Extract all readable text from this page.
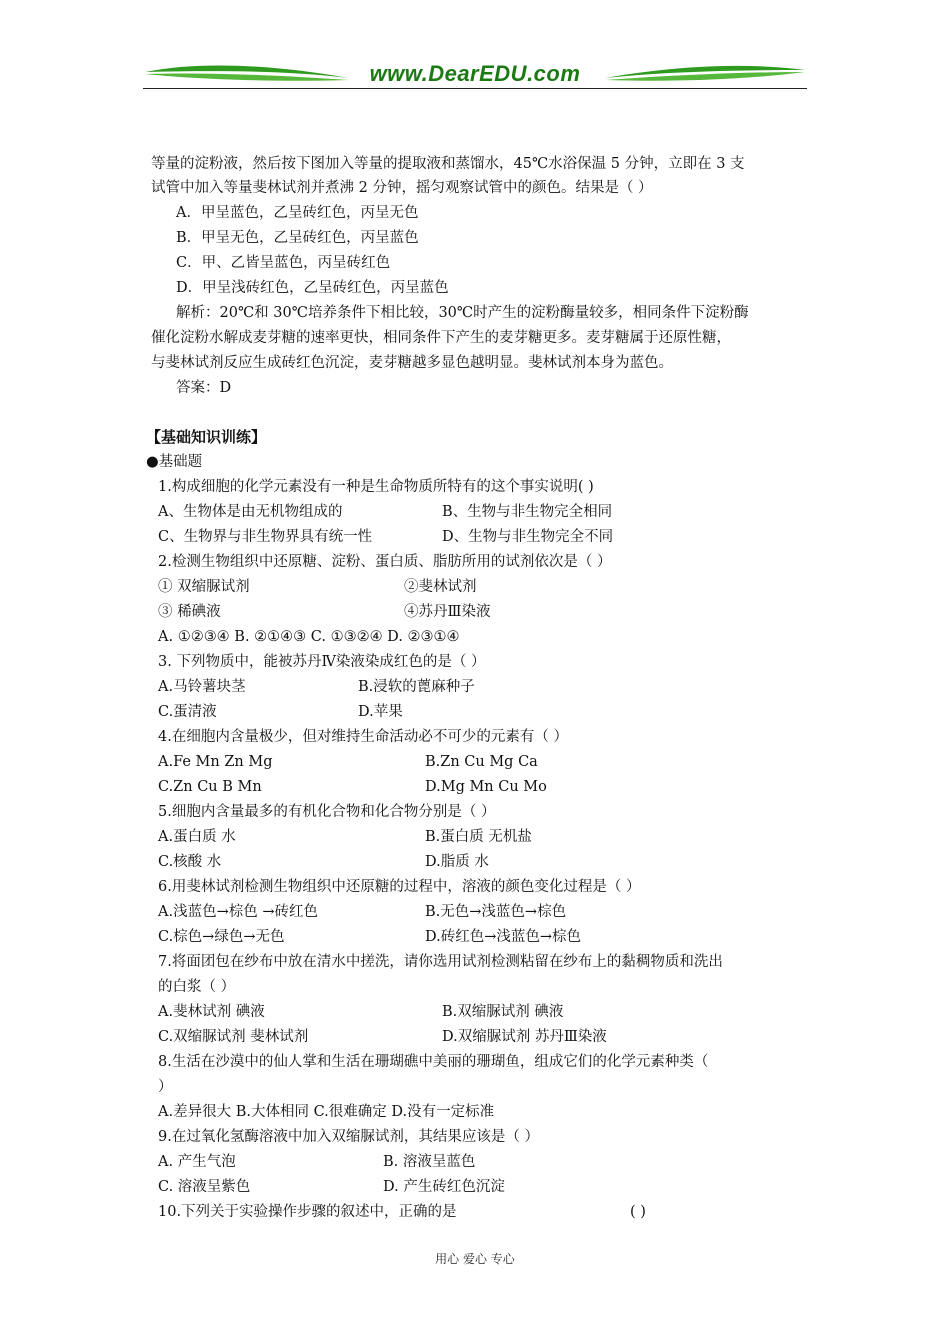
www.DearEDU.com
等量的淀粉液，然后按下图加入等量的提取液和蒸馏水，45℃水浴保温 5 分钟，立即在 3 支
试管中加入等量斐林试剂并煮沸 2 分钟，摇匀观察试管中的颜色。结果是（ ）
A．甲呈蓝色，乙呈砖红色，丙呈无色
B．甲呈无色，乙呈砖红色，丙呈蓝色
C．甲、乙皆呈蓝色，丙呈砖红色
D．甲呈浅砖红色，乙呈砖红色，丙呈蓝色
解析：20℃和 30℃培养条件下相比较，30℃时产生的淀粉酶量较多，相同条件下淀粉酶
催化淀粉水解成麦芽糖的速率更快，相同条件下产生的麦芽糖更多。麦芽糖属于还原性糖，
与斐林试剂反应生成砖红色沉淀，麦芽糖越多显色越明显。斐林试剂本身为蓝色。
答案：D
【基础知识训练】
●基础题
1.构成细胞的化学元素没有一种是生命物质所特有的这个事实说明( )
A、生物体是由无机物组成的	B、生物与非生物完全相同
C、生物界与非生物界具有统一性	D、生物与非生物完全不同
2.检测生物组织中还原糖、淀粉、蛋白质、脂肪所用的试剂依次是（ ）
① 双缩脲试剂	②斐林试剂
③ 稀碘液	④苏丹Ⅲ染液
A. ①②③④ B. ②①④③ C. ①③②④ D. ②③①④
3. 下列物质中，能被苏丹Ⅳ染液染成红色的是（ ）
A.马铃薯块茎	B.浸软的蓖麻种子
C.蛋清液	D.苹果
4.在细胞内含量极少，但对维持生命活动必不可少的元素有（ ）
A.Fe Mn Zn Mg	B.Zn Cu Mg Ca
C.Zn Cu B Mn	D.Mg Mn Cu Mo
5.细胞内含量最多的有机化合物和化合物分别是（ ）
A.蛋白质 水	B.蛋白质 无机盐
C.核酸 水	D.脂质 水
6.用斐林试剂检测生物组织中还原糖的过程中，溶液的颜色变化过程是（ ）
A.浅蓝色→棕色 →砖红色	B.无色→浅蓝色→棕色
C.棕色→绿色→无色	D.砖红色→浅蓝色→棕色
7.将面团包在纱布中放在清水中搓洗，请你选用试剂检测粘留在纱布上的黏稠物质和洗出
的白浆（ ）
A.斐林试剂 碘液	B.双缩脲试剂 碘液
C.双缩脲试剂 斐林试剂	D.双缩脲试剂 苏丹Ⅲ染液
8.生活在沙漠中的仙人掌和生活在珊瑚礁中美丽的珊瑚鱼，组成它们的化学元素种类（
）
A.差异很大 B.大体相同 C.很难确定 D.没有一定标准
9.在过氧化氢酶溶液中加入双缩脲试剂，其结果应该是（ ）
A. 产生气泡	B. 溶液呈蓝色
C. 溶液呈紫色	D. 产生砖红色沉淀
10.下列关于实验操作步骤的叙述中，正确的是	( )
用心 爱心 专心
